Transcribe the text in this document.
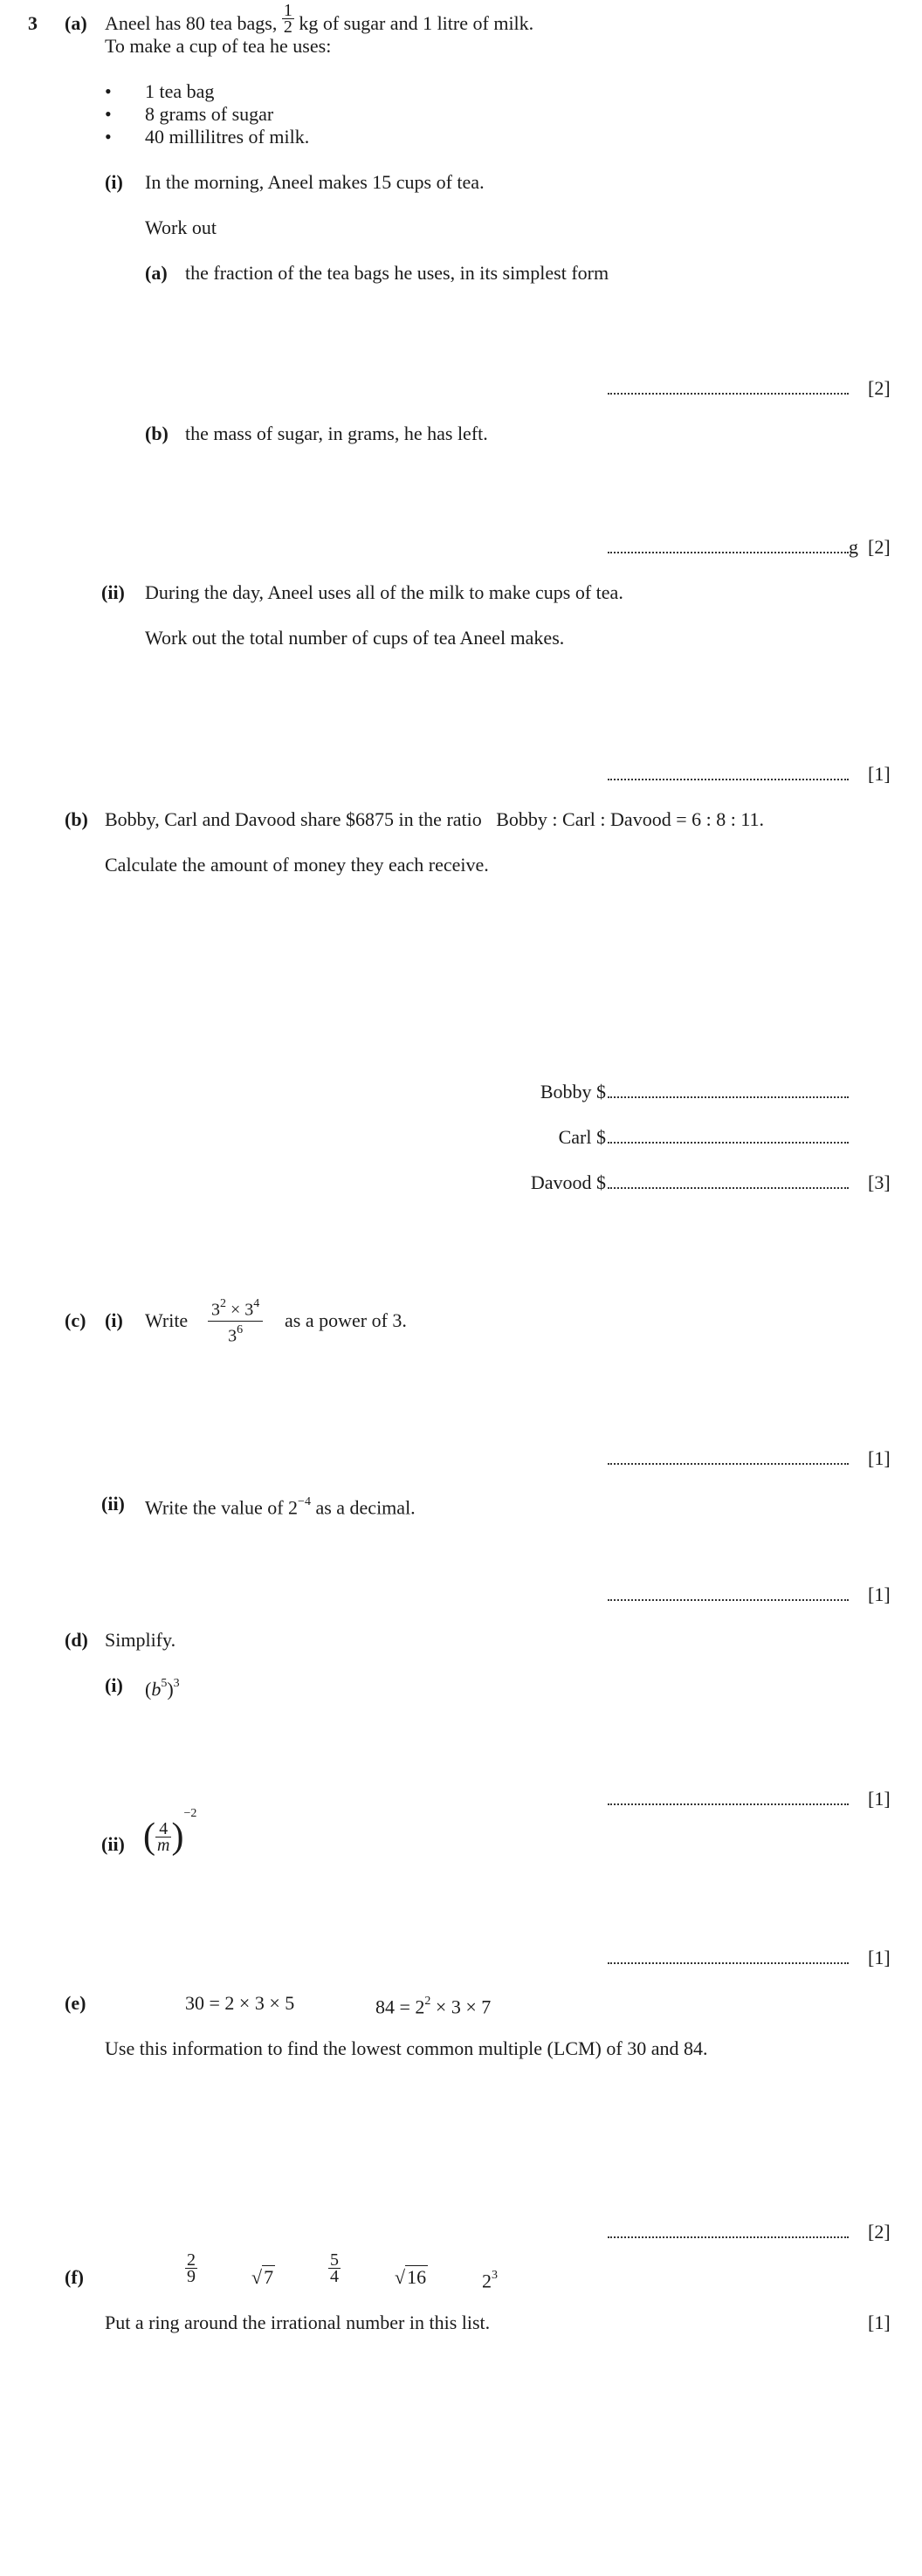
3 (a) Aneel has 80 tea bags, $\frac{1}{2}$ kg of sugar and 1 litre of milk.
To make a cup of tea he uses:
• 1 tea bag
• 8 grams of sugar
• 40 millilitres of milk.
(i) In the morning, Aneel makes 15 cups of tea.
Work out
(a) the fraction of the tea bags he uses, in its simplest form
[2]
(b) the mass of sugar, in grams, he has left.
g [2]
(ii) During the day, Aneel uses all of the milk to make cups of tea.
Work out the total number of cups of tea Aneel makes.
[1]
(b) Bobby, Carl and Davood share $6875 in the ratio   Bobby : Carl : Davood = 6 : 8 : 11.
Calculate the amount of money they each receive.
Bobby $
Carl $
Davood $	[3]
(c) (i) Write $\frac{3^2 \times 3^4}{3^6}$ as a power of 3.
[1]
(ii) Write the value of $2^{-4}$ as a decimal.
[1]
(d) Simplify.
(i) $(b^5)^3$
[1]
(ii) ( $\frac{4}{m} )^{-2}$
[1]
(e)	30 = 2 × 3 × 5	$84 = 2^2 \times 3 \times 7$
Use this information to find the lowest common multiple (LCM) of 30 and 84.
[2]
(f)	$\frac{2}{9}$	√7	$\frac{5}{4}$	√16	$2^3$
Put a ring around the irrational number in this list.	[1]
